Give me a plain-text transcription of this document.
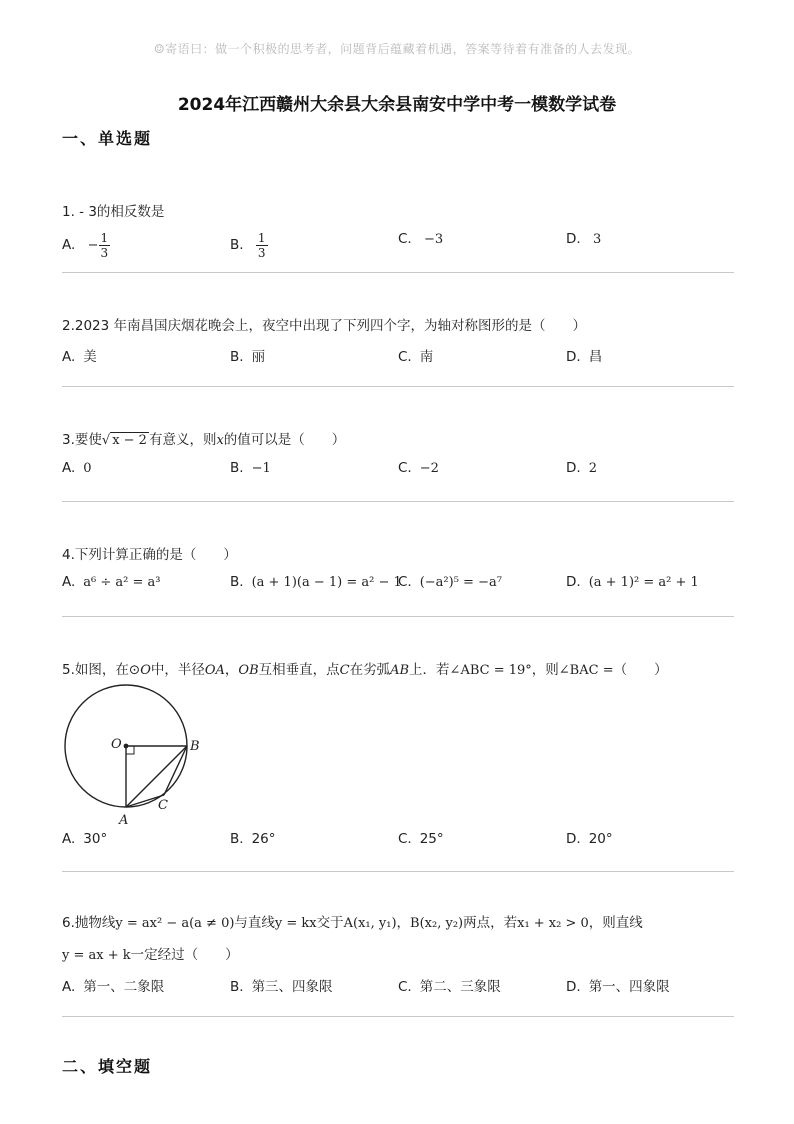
☺寄语曰：做一个积极的思考者，问题背后蕴藏着机遇，答案等待着有准备的人去发现。
2024年江西赣州大余县大余县南安中学中考一模数学试卷
一、单选题
1. - 3的相反数是
A. − $\frac{1}{3}$	B. $\frac{1}{3}$	C. −3	D. 3
2.2023 年南昌国庆烟花晚会上，夜空中出现了下列四个字，为轴对称图形的是（　　）
A. 美	B. 丽	C. 南	D. 昌
3.要使√ x − 2 有意义，则x的值可以是（　　）
A. 0	B. −1	C. −2	D. 2
4.下列计算正确的是（　　）
A. a⁶ ÷ a² = a³	B. (a + 1)(a − 1) = a² − 1
C. (−a²)⁵ = −a⁷	D. (a + 1)² = a² + 1
5.如图，在⊙O中，半径OA，OB互相垂直，点C在劣弧AB上．若∠ABC = 19°，则∠BAC =（　　）
O	B
A
C
A. 30°	B. 26°	C. 25°	D. 20°
6.抛物线y = ax² − a(a ≠ 0)与直线y = kx交于A(x₁, y₁)，B(x₂, y₂)两点，若x₁ + x₂ > 0，则直线
y = ax + k一定经过（　　）
A. 第一、二象限	B. 第三、四象限	C. 第二、三象限	D. 第一、四象限
二、填空题
